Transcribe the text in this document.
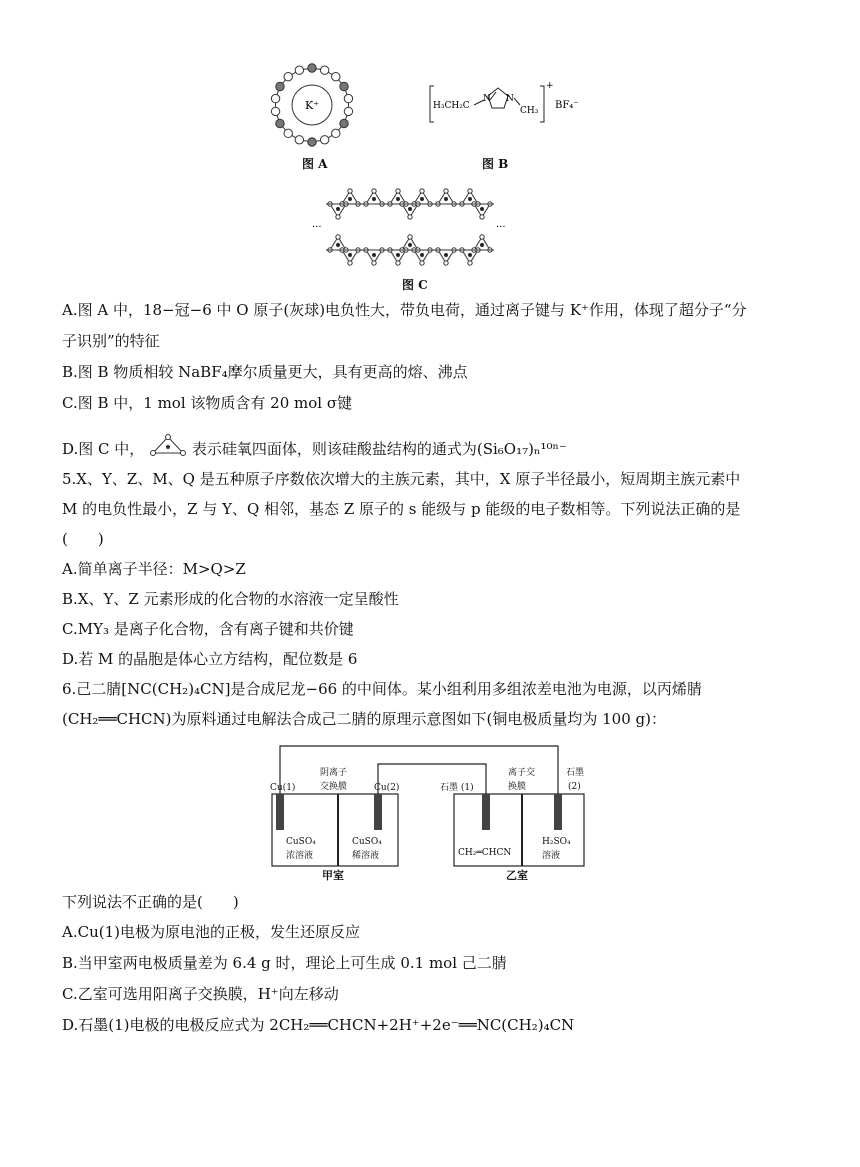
K⁺
图 A
H₃CH₂C
N N
CH₃
+
BF₄⁻
图 B
···	···
图 C
A.图 A 中，18−冠−6 中 O 原子(灰球)电负性大，带负电荷，通过离子键与 K⁺作用，体现了超分子“分
子识别”的特征
B.图 B 物质相较 NaBF₄摩尔质量更大，具有更高的熔、沸点
C.图 B 中，1 mol 该物质含有 20 mol σ键
D.图 C 中，	表示硅氧四面体，则该硅酸盐结构的通式为(Si₆O₁₇)ₙ¹⁰ⁿ⁻
5.X、Y、Z、M、Q 是五种原子序数依次增大的主族元素，其中，X 原子半径最小，短周期主族元素中
M 的电负性最小，Z 与 Y、Q 相邻，基态 Z 原子的 s 能级与 p 能级的电子数相等。下列说法正确的是
(　　)
A.简单离子半径：M>Q>Z
B.X、Y、Z 元素形成的化合物的水溶液一定呈酸性
C.MY₃ 是离子化合物，含有离子键和共价键
D.若 M 的晶胞是体心立方结构，配位数是 6
6.己二腈[NC(CH₂)₄CN]是合成尼龙−66 的中间体。某小组利用多组浓差电池为电源，以丙烯腈
(CH₂══CHCN)为原料通过电解法合成己二腈的原理示意图如下(铜电极质量均为 100 g)：
Cu(1)
阴离子
交换膜	Cu(2)
CuSO₄
浓溶液
CuSO₄
稀溶液
石墨 (1)
离子交
换膜
石墨
(2)
CH₂═CHCN
H₂SO₄
溶液
甲室	乙室
下列说法不正确的是(　　)
A.Cu(1)电极为原电池的正极，发生还原反应
B.当甲室两电极质量差为 6.4 g 时，理论上可生成 0.1 mol 己二腈
C.乙室可选用阳离子交换膜，H⁺向左移动
D.石墨(1)电极的电极反应式为 2CH₂══CHCN+2H⁺+2e⁻══NC(CH₂)₄CN
